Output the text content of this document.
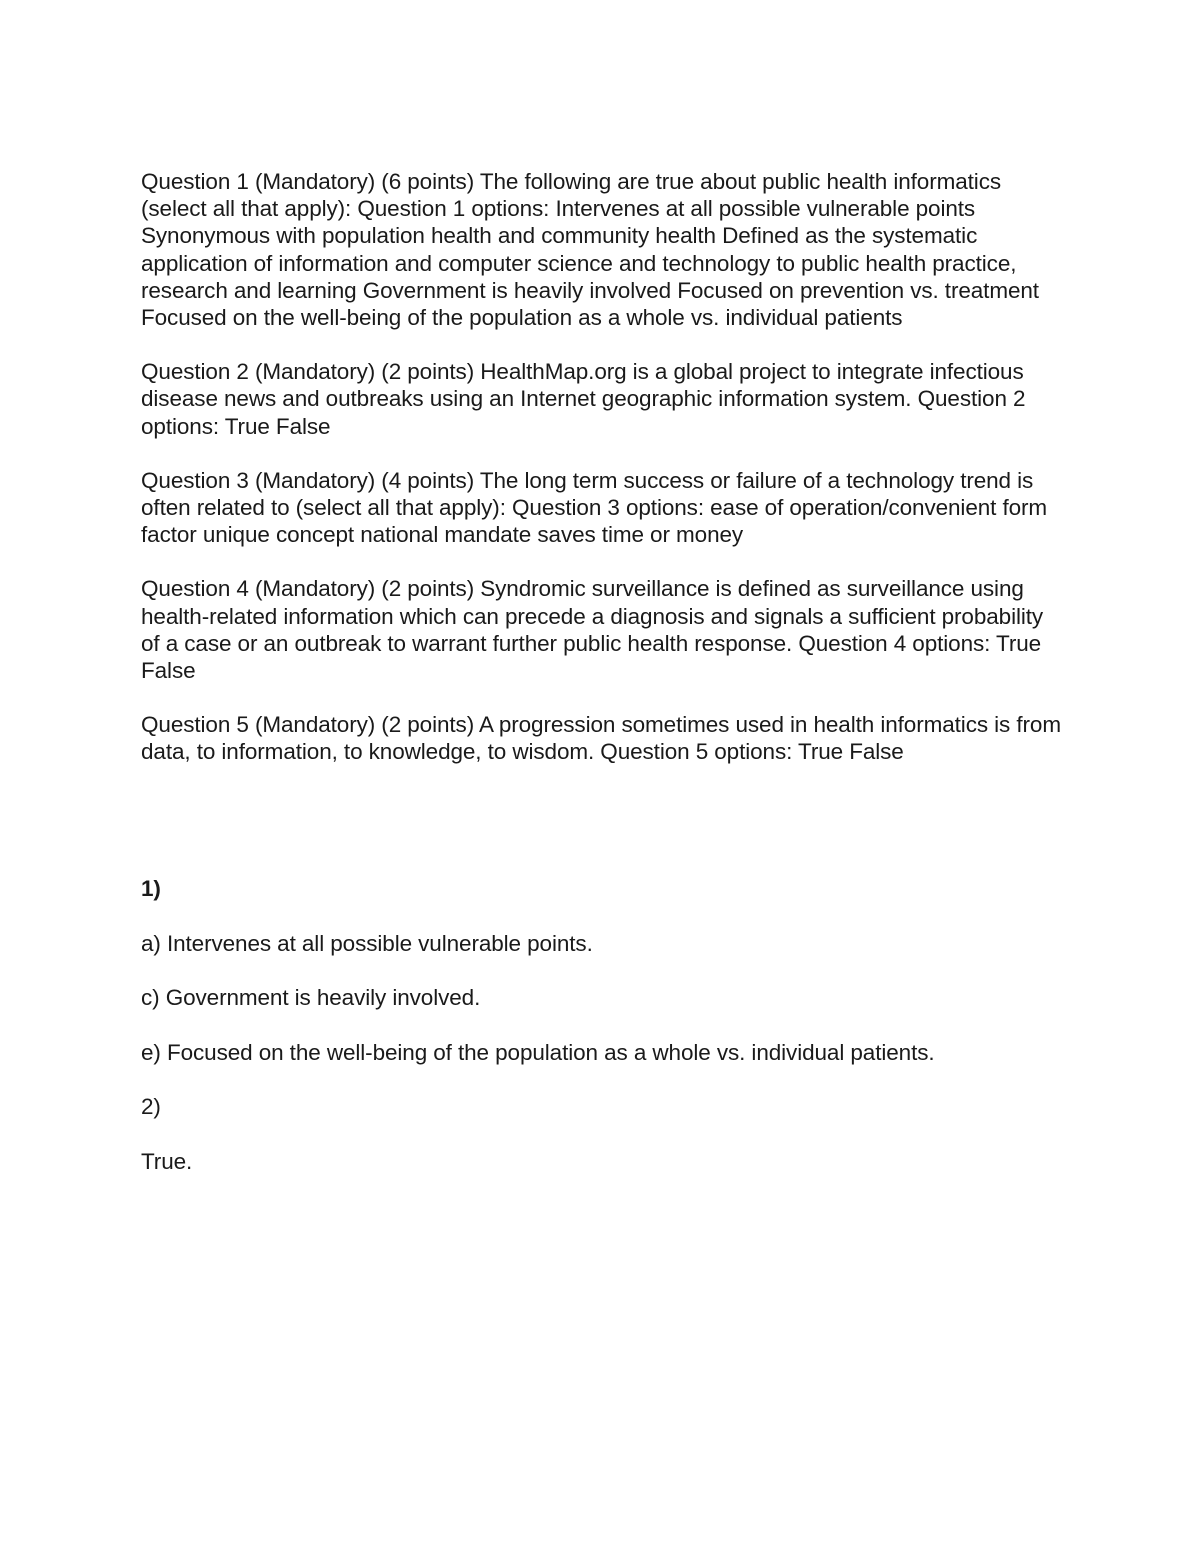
Question 1 (Mandatory) (6 points) The following are true about public health informatics (select all that apply): Question 1 options: Intervenes at all possible vulnerable points Synonymous with population health and community health Defined as the systematic application of information and computer science and technology to public health practice, research and learning Government is heavily involved Focused on prevention vs. treatment Focused on the well-being of the population as a whole vs. individual patients

Question 2 (Mandatory) (2 points) HealthMap.org is a global project to integrate infectious disease news and outbreaks using an Internet geographic information system. Question 2 options: True False

Question 3 (Mandatory) (4 points) The long term success or failure of a technology trend is often related to (select all that apply): Question 3 options: ease of operation/convenient form factor unique concept national mandate saves time or money

Question 4 (Mandatory) (2 points) Syndromic surveillance is defined as surveillance using health-related information which can precede a diagnosis and signals a sufficient probability of a case or an outbreak to warrant further public health response. Question 4 options: True False

Question 5 (Mandatory) (2 points) A progression sometimes used in health informatics is from data, to information, to knowledge, to wisdom. Question 5 options: True False

1)

a) Intervenes at all possible vulnerable points.

c) Government is heavily involved.

e) Focused on the well-being of the population as a whole vs. individual patients.

2)

True.
